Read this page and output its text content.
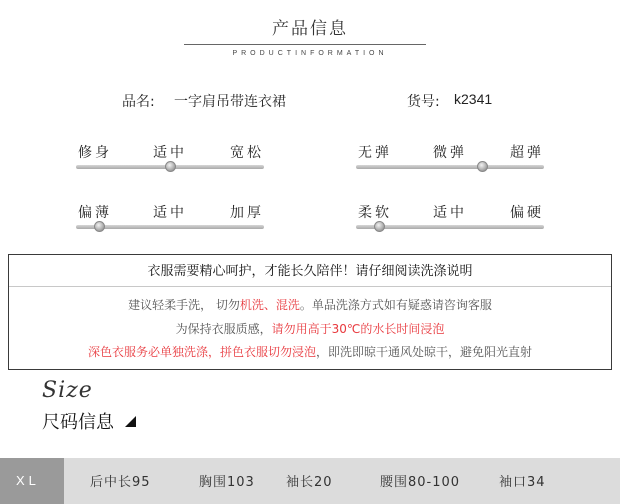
产品信息
PRODUCTINFORMATION
品名: 一字肩吊带连衣裙	货号: k2341
修身	适中	宽松	无弹	微弹	超弹
偏薄	适中	加厚	柔软	适中	偏硬
衣服需要精心呵护，才能长久陪伴！请仔细阅读洗涤说明
建议轻柔手洗， 切勿机洗、混洗。单品洗涤方式如有疑惑请咨询客服
为保持衣服质感，请勿用高于30℃的水长时间浸泡
深色衣服务必单独洗涤，拼色衣服切勿浸泡，即洗即晾干通风处晾干，避免阳光直射
Size
尺码信息
XL	后中长95	胸围103 袖长20	腰围80-100	袖口34
